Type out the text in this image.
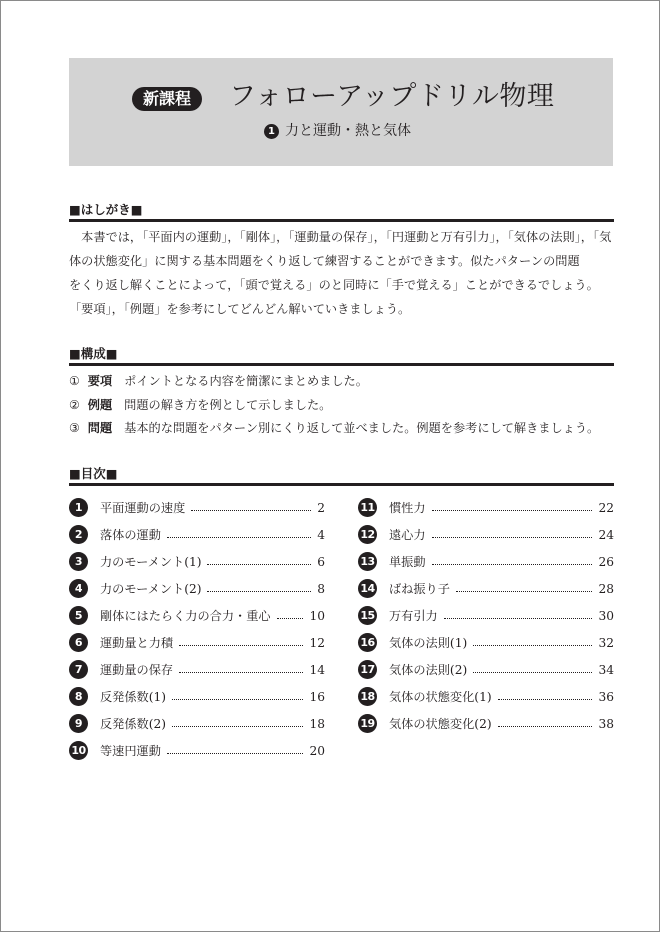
新課程	フォローアップドリル物理
1 力と運動・熱と気体
■はしがき■
　本書では，「平面内の運動」，「剛体」，「運動量の保存」，「円運動と万有引力」，「気体の法則」，「気
体の状態変化」に関する基本問題をくり返して練習することができます。似たパターンの問題
をくり返し解くことによって，「頭で覚える」のと同時に「手で覚える」ことができるでしょう。
「要項」，「例題」を参考にしてどんどん解いていきましょう。
■構成■
① 要項 ポイントとなる内容を簡潔にまとめました。
② 例題 問題の解き方を例として示しました。
③ 問題 基本的な問題をパターン別にくり返して並べました。例題を参考にして解きましょう。
■目次■
1	平面運動の速度	2
2	落体の運動	4
3	力のモーメント(1)	6
4	力のモーメント(2)	8
5	剛体にはたらく力の合力・重心	10
6	運動量と力積	12
7	運動量の保存	14
8	反発係数(1)	16
9	反発係数(2)	18
10 等速円運動	20
11 慣性力	22
12 遠心力	24
13 単振動	26
14 ばね振り子	28
15 万有引力	30
16 気体の法則(1)	32
17 気体の法則(2)	34
18 気体の状態変化(1)	36
19 気体の状態変化(2)	38
